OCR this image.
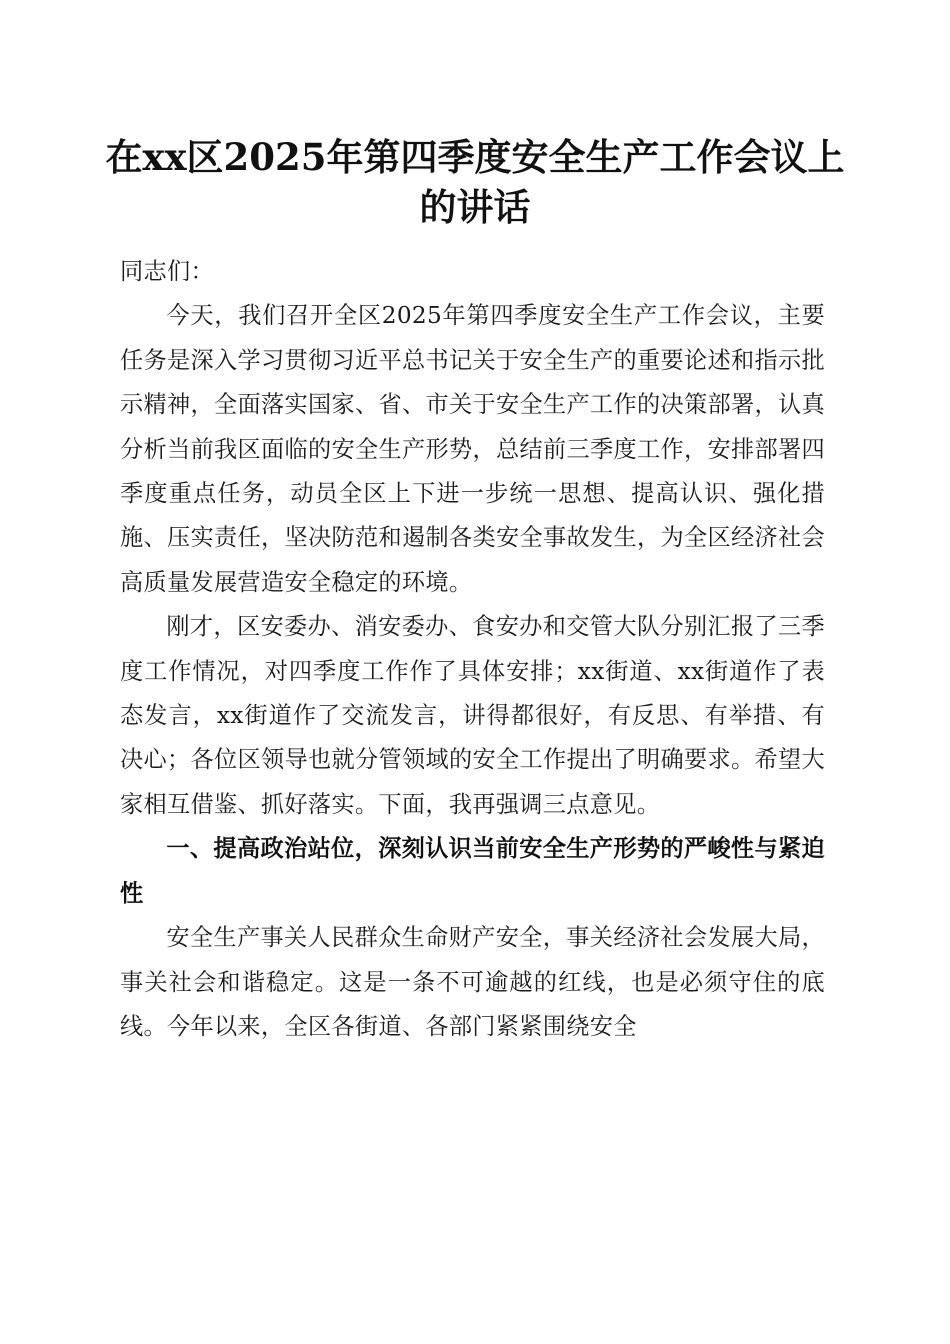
在xx区2025年第四季度安全生产工作会议上的讲话

同志们：

今天，我们召开全区2025年第四季度安全生产工作会议，主要任务是深入学习贯彻习近平总书记关于安全生产的重要论述和指示批示精神，全面落实国家、省、市关于安全生产工作的决策部署，认真分析当前我区面临的安全生产形势，总结前三季度工作，安排部署四季度重点任务，动员全区上下进一步统一思想、提高认识、强化措施、压实责任，坚决防范和遏制各类安全事故发生，为全区经济社会高质量发展营造安全稳定的环境。

刚才，区安委办、消安委办、食安办和交管大队分别汇报了三季度工作情况，对四季度工作作了具体安排；xx街道、xx街道作了表态发言，xx街道作了交流发言，讲得都很好，有反思、有举措、有决心；各位区领导也就分管领域的安全工作提出了明确要求。希望大家相互借鉴、抓好落实。下面，我再强调三点意见。

一、提高政治站位，深刻认识当前安全生产形势的严峻性与紧迫性

安全生产事关人民群众生命财产安全，事关经济社会发展大局，事关社会和谐稳定。这是一条不可逾越的红线，也是必须守住的底线。今年以来，全区各街道、各部门紧紧围绕安全
